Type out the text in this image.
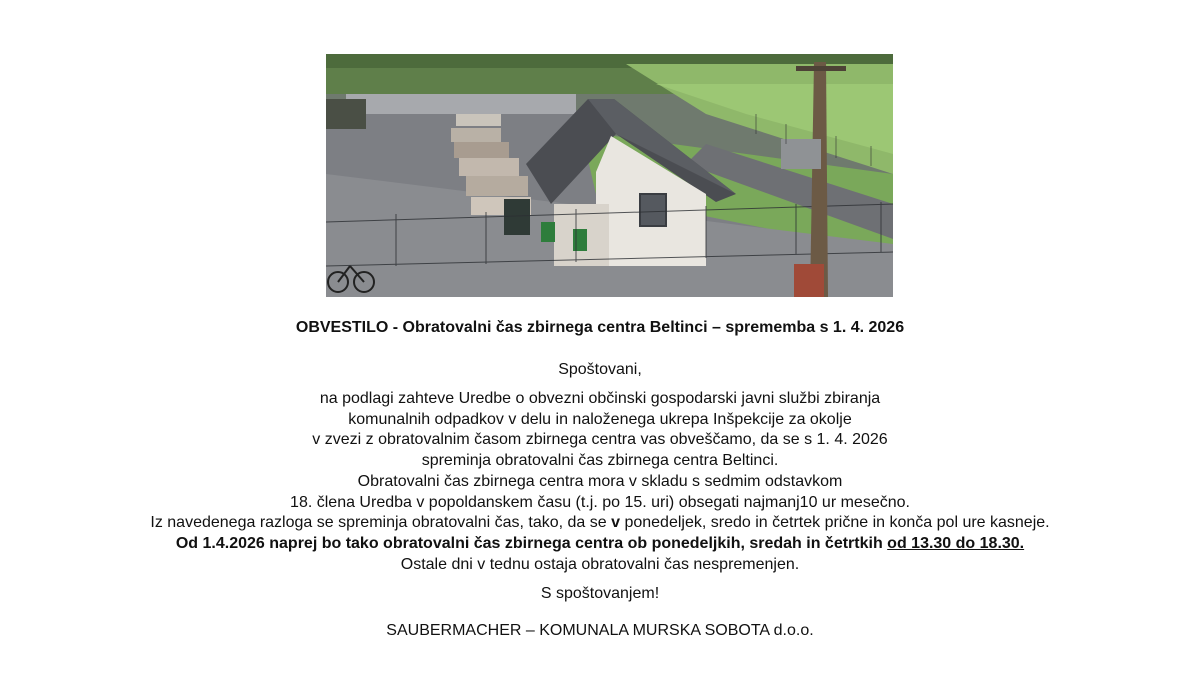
OBVESTILO - Obratovalni čas zbirnega centra Beltinci – sprememba s 1. 4. 2026
Spoštovani,
na podlagi zahteve Uredbe o obvezni občinski gospodarski javni službi zbiranja
komunalnih odpadkov v delu in naloženega ukrepa Inšpekcije za okolje
v zvezi z obratovalnim časom zbirnega centra vas obveščamo, da se s 1. 4. 2026
spreminja obratovalni čas zbirnega centra Beltinci.
Obratovalni čas zbirnega centra mora v skladu s sedmim odstavkom
18. člena Uredba v popoldanskem času (t.j. po 15. uri) obsegati najmanj10 ur mesečno.
Iz navedenega razloga se spreminja obratovalni čas, tako, da se v ponedeljek, sredo in četrtek prične in konča pol ure kasneje.
Od 1.4.2026 naprej bo tako obratovalni čas zbirnega centra ob ponedeljkih, sredah in četrtkih od 13.30 do 18.30.
Ostale dni v tednu ostaja obratovalni čas nespremenjen.
S spoštovanjem!
SAUBERMACHER – KOMUNALA MURSKA SOBOTA d.o.o.
